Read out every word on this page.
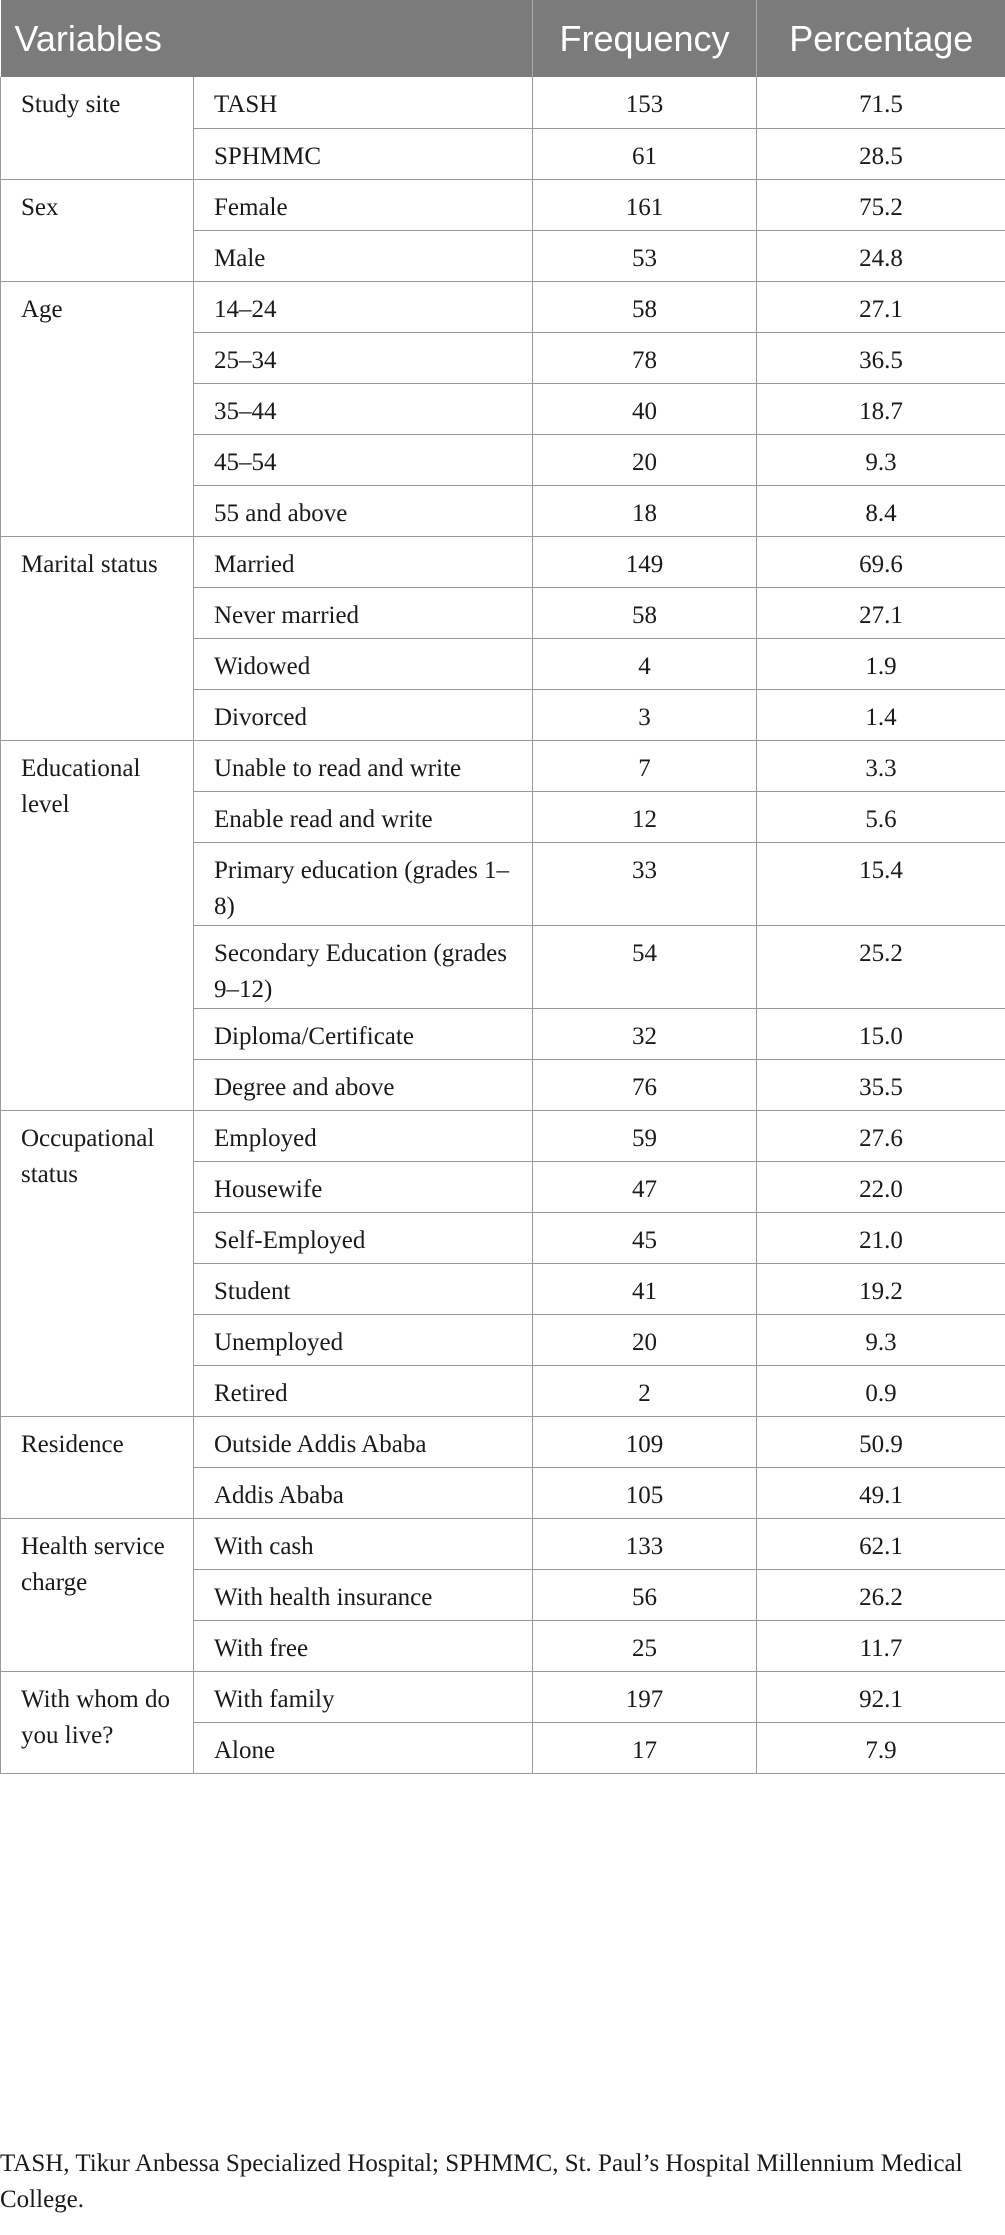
Variables		Frequency	Percentage
Study site	TASH	153	71.5
	SPHMMC	61	28.5
Sex	Female	161	75.2
	Male	53	24.8
Age	14–24	58	27.1
	25–34	78	36.5
	35–44	40	18.7
	45–54	20	9.3
	55 and above	18	8.4
Marital status	Married	149	69.6
	Never married	58	27.1
	Widowed	4	1.9
	Divorced	3	1.4
Educational level	Unable to read and write	7	3.3
	Enable read and write	12	5.6
	Primary education (grades 1–8)	33	15.4
	Secondary Education (grades 9–12)	54	25.2
	Diploma/Certificate	32	15.0
	Degree and above	76	35.5
Occupational status	Employed	59	27.6
	Housewife	47	22.0
	Self-Employed	45	21.0
	Student	41	19.2
	Unemployed	20	9.3
	Retired	2	0.9
Residence	Outside Addis Ababa	109	50.9
	Addis Ababa	105	49.1
Health service charge	With cash	133	62.1
	With health insurance	56	26.2
	With free	25	11.7
With whom do you live?	With family	197	92.1
	Alone	17	7.9

TASH, Tikur Anbessa Specialized Hospital; SPHMMC, St. Paul’s Hospital Millennium Medical College.
